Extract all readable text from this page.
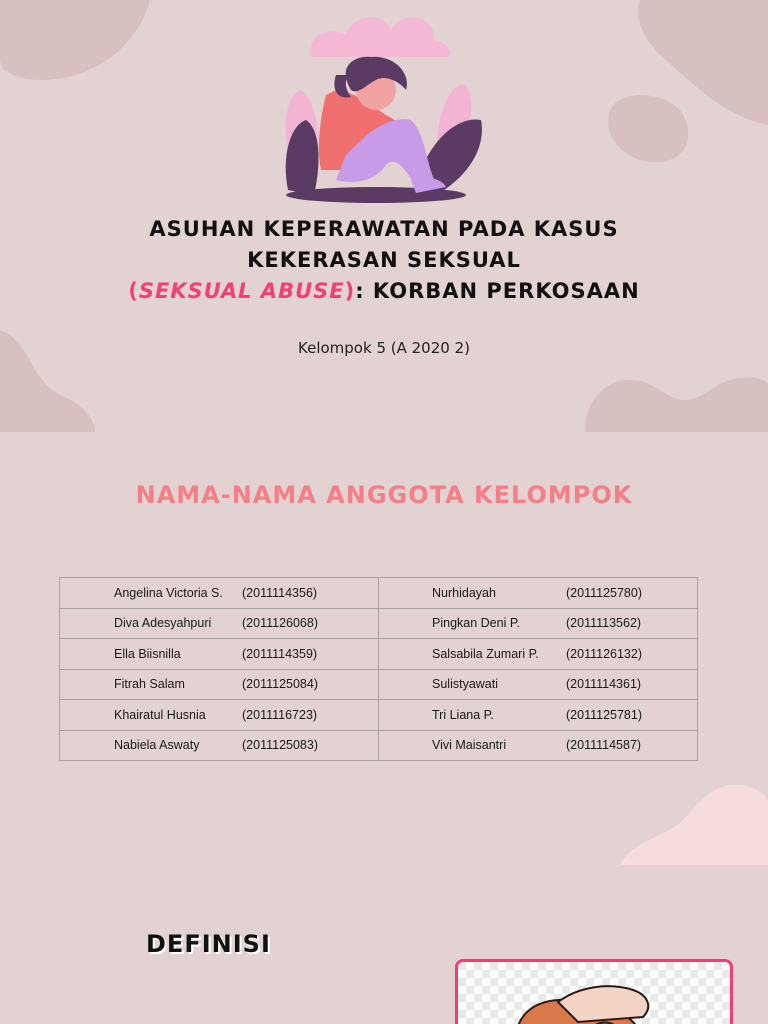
ASUHAN KEPERAWATAN PADA KASUS
KEKERASAN SEKSUAL
(SEKSUAL ABUSE): KORBAN PERKOSAAN
Kelompok 5 (A 2020 2)
NAMA-NAMA ANGGOTA KELOMPOK
Angelina Victoria S. (2011114356)	Nurhidayah (2011125780)

Diva Adesyahpuri (2011126068)	Pingkan Deni P. (2011113562)

Ella Biisnilla (2011114359)	Salsabila Zumari P. (2011126132)

Fitrah Salam (2011125084)	Sulistyawati (2011114361)

Khairatul Husnia (2011116723)	Tri Liana P. (2011125781)

Nabiela Aswaty (2011125083)	Vivi Maisantri (2011114587)
DEFINISI
